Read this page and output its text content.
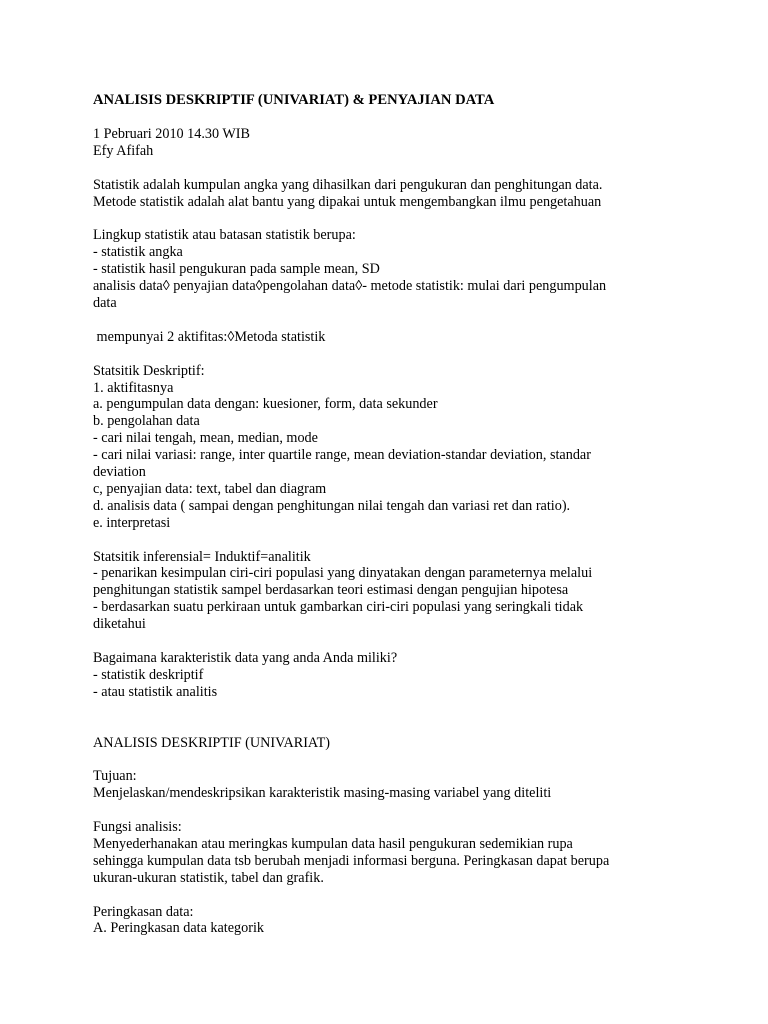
ANALISIS DESKRIPTIF (UNIVARIAT) & PENYAJIAN DATA
1 Pebruari 2010 14.30 WIB
Efy Afifah
Statistik adalah kumpulan angka yang dihasilkan dari pengukuran dan penghitungan data.
Metode statistik adalah alat bantu yang dipakai untuk mengembangkan ilmu pengetahuan
Lingkup statistik atau batasan statistik berupa:
- statistik angka
- statistik hasil pengukuran pada sample mean, SD
analisis data◊ penyajian data◊pengolahan data◊- metode statistik: mulai dari pengumpulan
data
mempunyai 2 aktifitas:◊Metoda statistik
Statsitik Deskriptif:
1. aktifitasnya
a. pengumpulan data dengan: kuesioner, form, data sekunder
b. pengolahan data
- cari nilai tengah, mean, median, mode
- cari nilai variasi: range, inter quartile range, mean deviation-standar deviation, standar
deviation
c, penyajian data: text, tabel dan diagram
d. analisis data ( sampai dengan penghitungan nilai tengah dan variasi ret dan ratio).
e. interpretasi
Statsitik inferensial= Induktif=analitik
- penarikan kesimpulan ciri-ciri populasi yang dinyatakan dengan parameternya melalui
penghitungan statistik sampel berdasarkan teori estimasi dengan pengujian hipotesa
- berdasarkan suatu perkiraan untuk gambarkan ciri-ciri populasi yang seringkali tidak
diketahui
Bagaimana karakteristik data yang anda Anda miliki?
- statistik deskriptif
- atau statistik analitis
ANALISIS DESKRIPTIF (UNIVARIAT)
Tujuan:
Menjelaskan/mendeskripsikan karakteristik masing-masing variabel yang diteliti
Fungsi analisis:
Menyederhanakan atau meringkas kumpulan data hasil pengukuran sedemikian rupa
sehingga kumpulan data tsb berubah menjadi informasi berguna. Peringkasan dapat berupa
ukuran-ukuran statistik, tabel dan grafik.
Peringkasan data:
A. Peringkasan data kategorik
